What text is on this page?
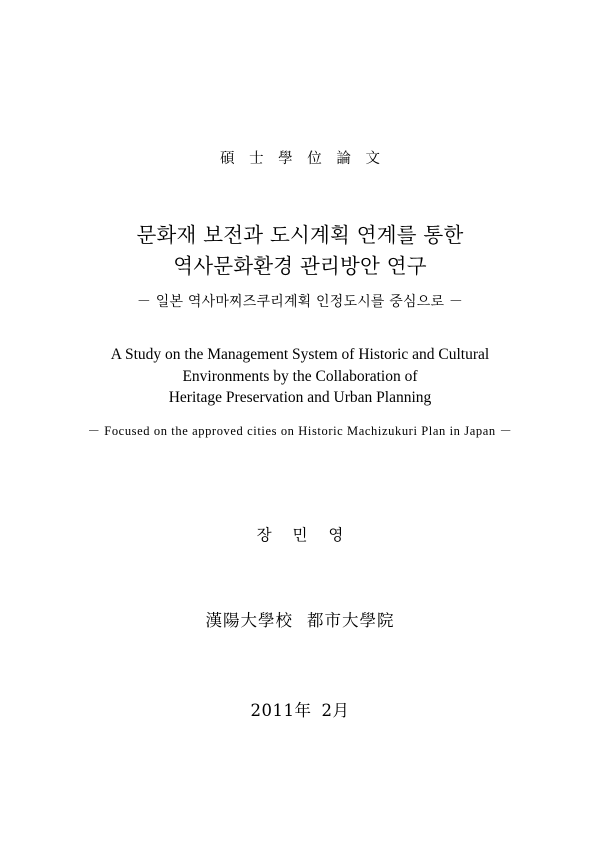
碩 士 學 位 論 文
문화재 보전과 도시계획 연계를 통한
역사문화환경 관리방안 연구
－ 일본 역사마찌즈쿠리계획 인정도시를 중심으로 －
A Study on the Management System of Historic and Cultural
Environments by the Collaboration of
Heritage Preservation and Urban Planning
－ Focused on the approved cities on Historic Machizukuri Plan in Japan －
장 민 영
漢陽大學校 都市大學院
2011年 2月
